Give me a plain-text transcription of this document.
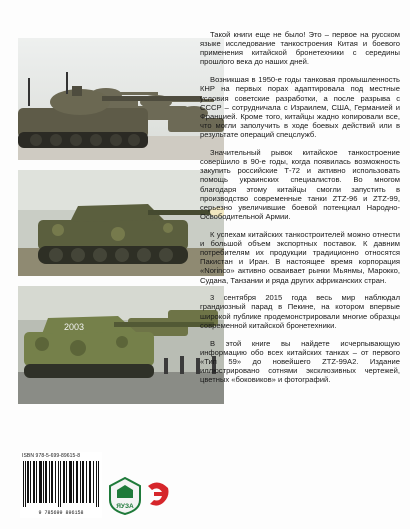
2003

Такой книги еще не было! Это – первое на русском языке исследование танкостроения Китая и боевого применения китайской бронетехники с середины прошлого века до наших дней.

Возникшая в 1950-е годы танковая промышленность КНР на первых порах адаптировала под местные условия советские разработки, а после разрыва с СССР – сотрудничала с Израилем, США, Германией и Францией. Кроме того, китайцы жадно копировали все, что могли заполучить в ходе боевых действий или в результате операций спецслужб.

Значительный рывок китайское танкостроение совершило в 90-е годы, когда появилась возможность закупить российские Т-72 и активно использовать помощь украинских специалистов. Во многом благодаря этому китайцы смогли запустить в производство современные танки ZTZ-96 и ZTZ-99, серьезно увеличившие боевой потенциал Народно-Освободительной Армии.

К успехам китайских танкостроителей можно отнести и большой объем экспортных поставок. К давним потребителям их продукции традиционно относятся Пакистан и Иран. В настоящее время корпорация «Norinco» активно осваивает рынки Мьянмы, Марокко, Судана, Танзании и ряда других африканских стран.

3 сентября 2015 года весь мир наблюдал грандиозный парад в Пекине, на котором впервые широкой публике продемонстрировали многие образцы современной китайской бронетехники.

В этой книге вы найдете исчерпывающую информацию обо всех китайских танках – от первого «Тип 59» до новейшего ZTZ-99A2. Издание иллюстрировано сотнями эксклюзивных чертежей, цветных «боковиков» и фотографий.

ISBN 978-5-699-89615-8
9 785699 896158
ЯУЗА
